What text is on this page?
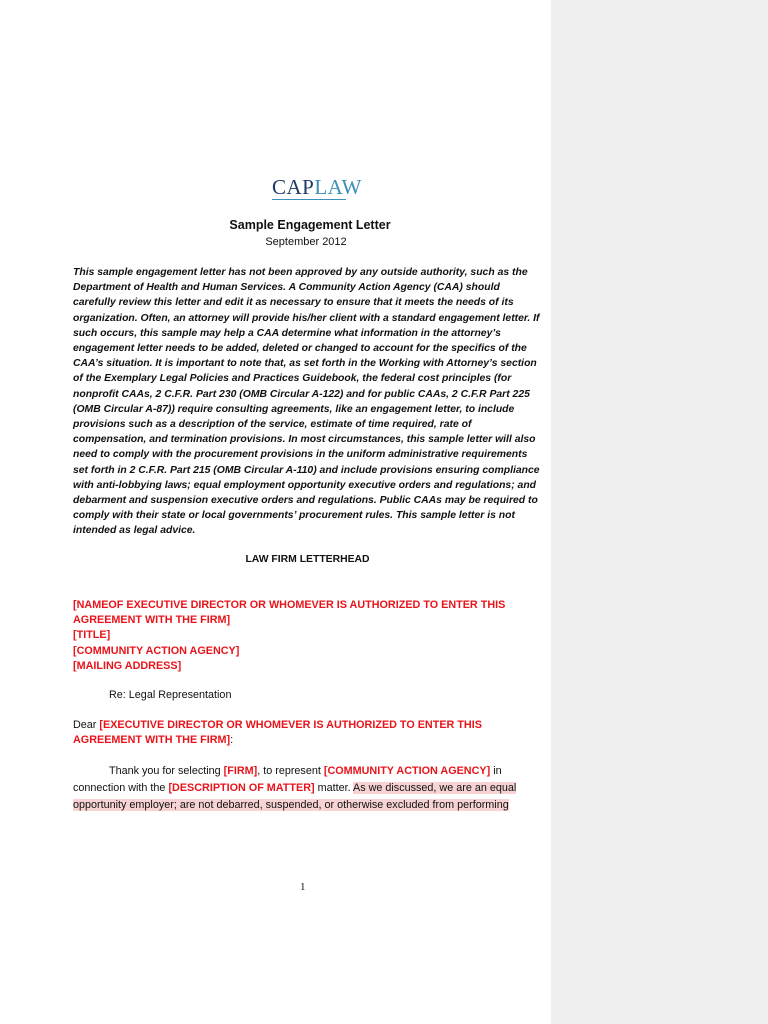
CAPLAW
Sample Engagement Letter
September 2012
This sample engagement letter has not been approved by any outside authority, such as the Department of Health and Human Services. A Community Action Agency (CAA) should carefully review this letter and edit it as necessary to ensure that it meets the needs of its organization. Often, an attorney will provide his/her client with a standard engagement letter. If such occurs, this sample may help a CAA determine what information in the attorney’s engagement letter needs to be added, deleted or changed to account for the specifics of the CAA’s situation. It is important to note that, as set forth in the Working with Attorney’s section of the Exemplary Legal Policies and Practices Guidebook, the federal cost principles (for nonprofit CAAs, 2 C.F.R. Part 230 (OMB Circular A-122) and for public CAAs, 2 C.F.R Part 225 (OMB Circular A-87)) require consulting agreements, like an engagement letter, to include provisions such as a description of the service, estimate of time required, rate of compensation, and termination provisions. In most circumstances, this sample letter will also need to comply with the procurement provisions in the uniform administrative requirements set forth in 2 C.F.R. Part 215 (OMB Circular A-110) and include provisions ensuring compliance with anti-lobbying laws; equal employment opportunity executive orders and regulations; and debarment and suspension executive orders and regulations. Public CAAs may be required to comply with their state or local governments’ procurement rules. This sample letter is not intended as legal advice.
LAW FIRM LETTERHEAD
[NAMEOF EXECUTIVE DIRECTOR OR WHOMEVER IS AUTHORIZED TO ENTER THIS AGREEMENT WITH THE FIRM]
[TITLE]
[COMMUNITY ACTION AGENCY]
[MAILING ADDRESS]
Re: Legal Representation
Dear [EXECUTIVE DIRECTOR OR WHOMEVER IS AUTHORIZED TO ENTER THIS AGREEMENT WITH THE FIRM]:
Thank you for selecting [FIRM], to represent [COMMUNITY ACTION AGENCY] in connection with the [DESCRIPTION OF MATTER] matter. As we discussed, we are an equal opportunity employer; are not debarred, suspended, or otherwise excluded from performing
1
